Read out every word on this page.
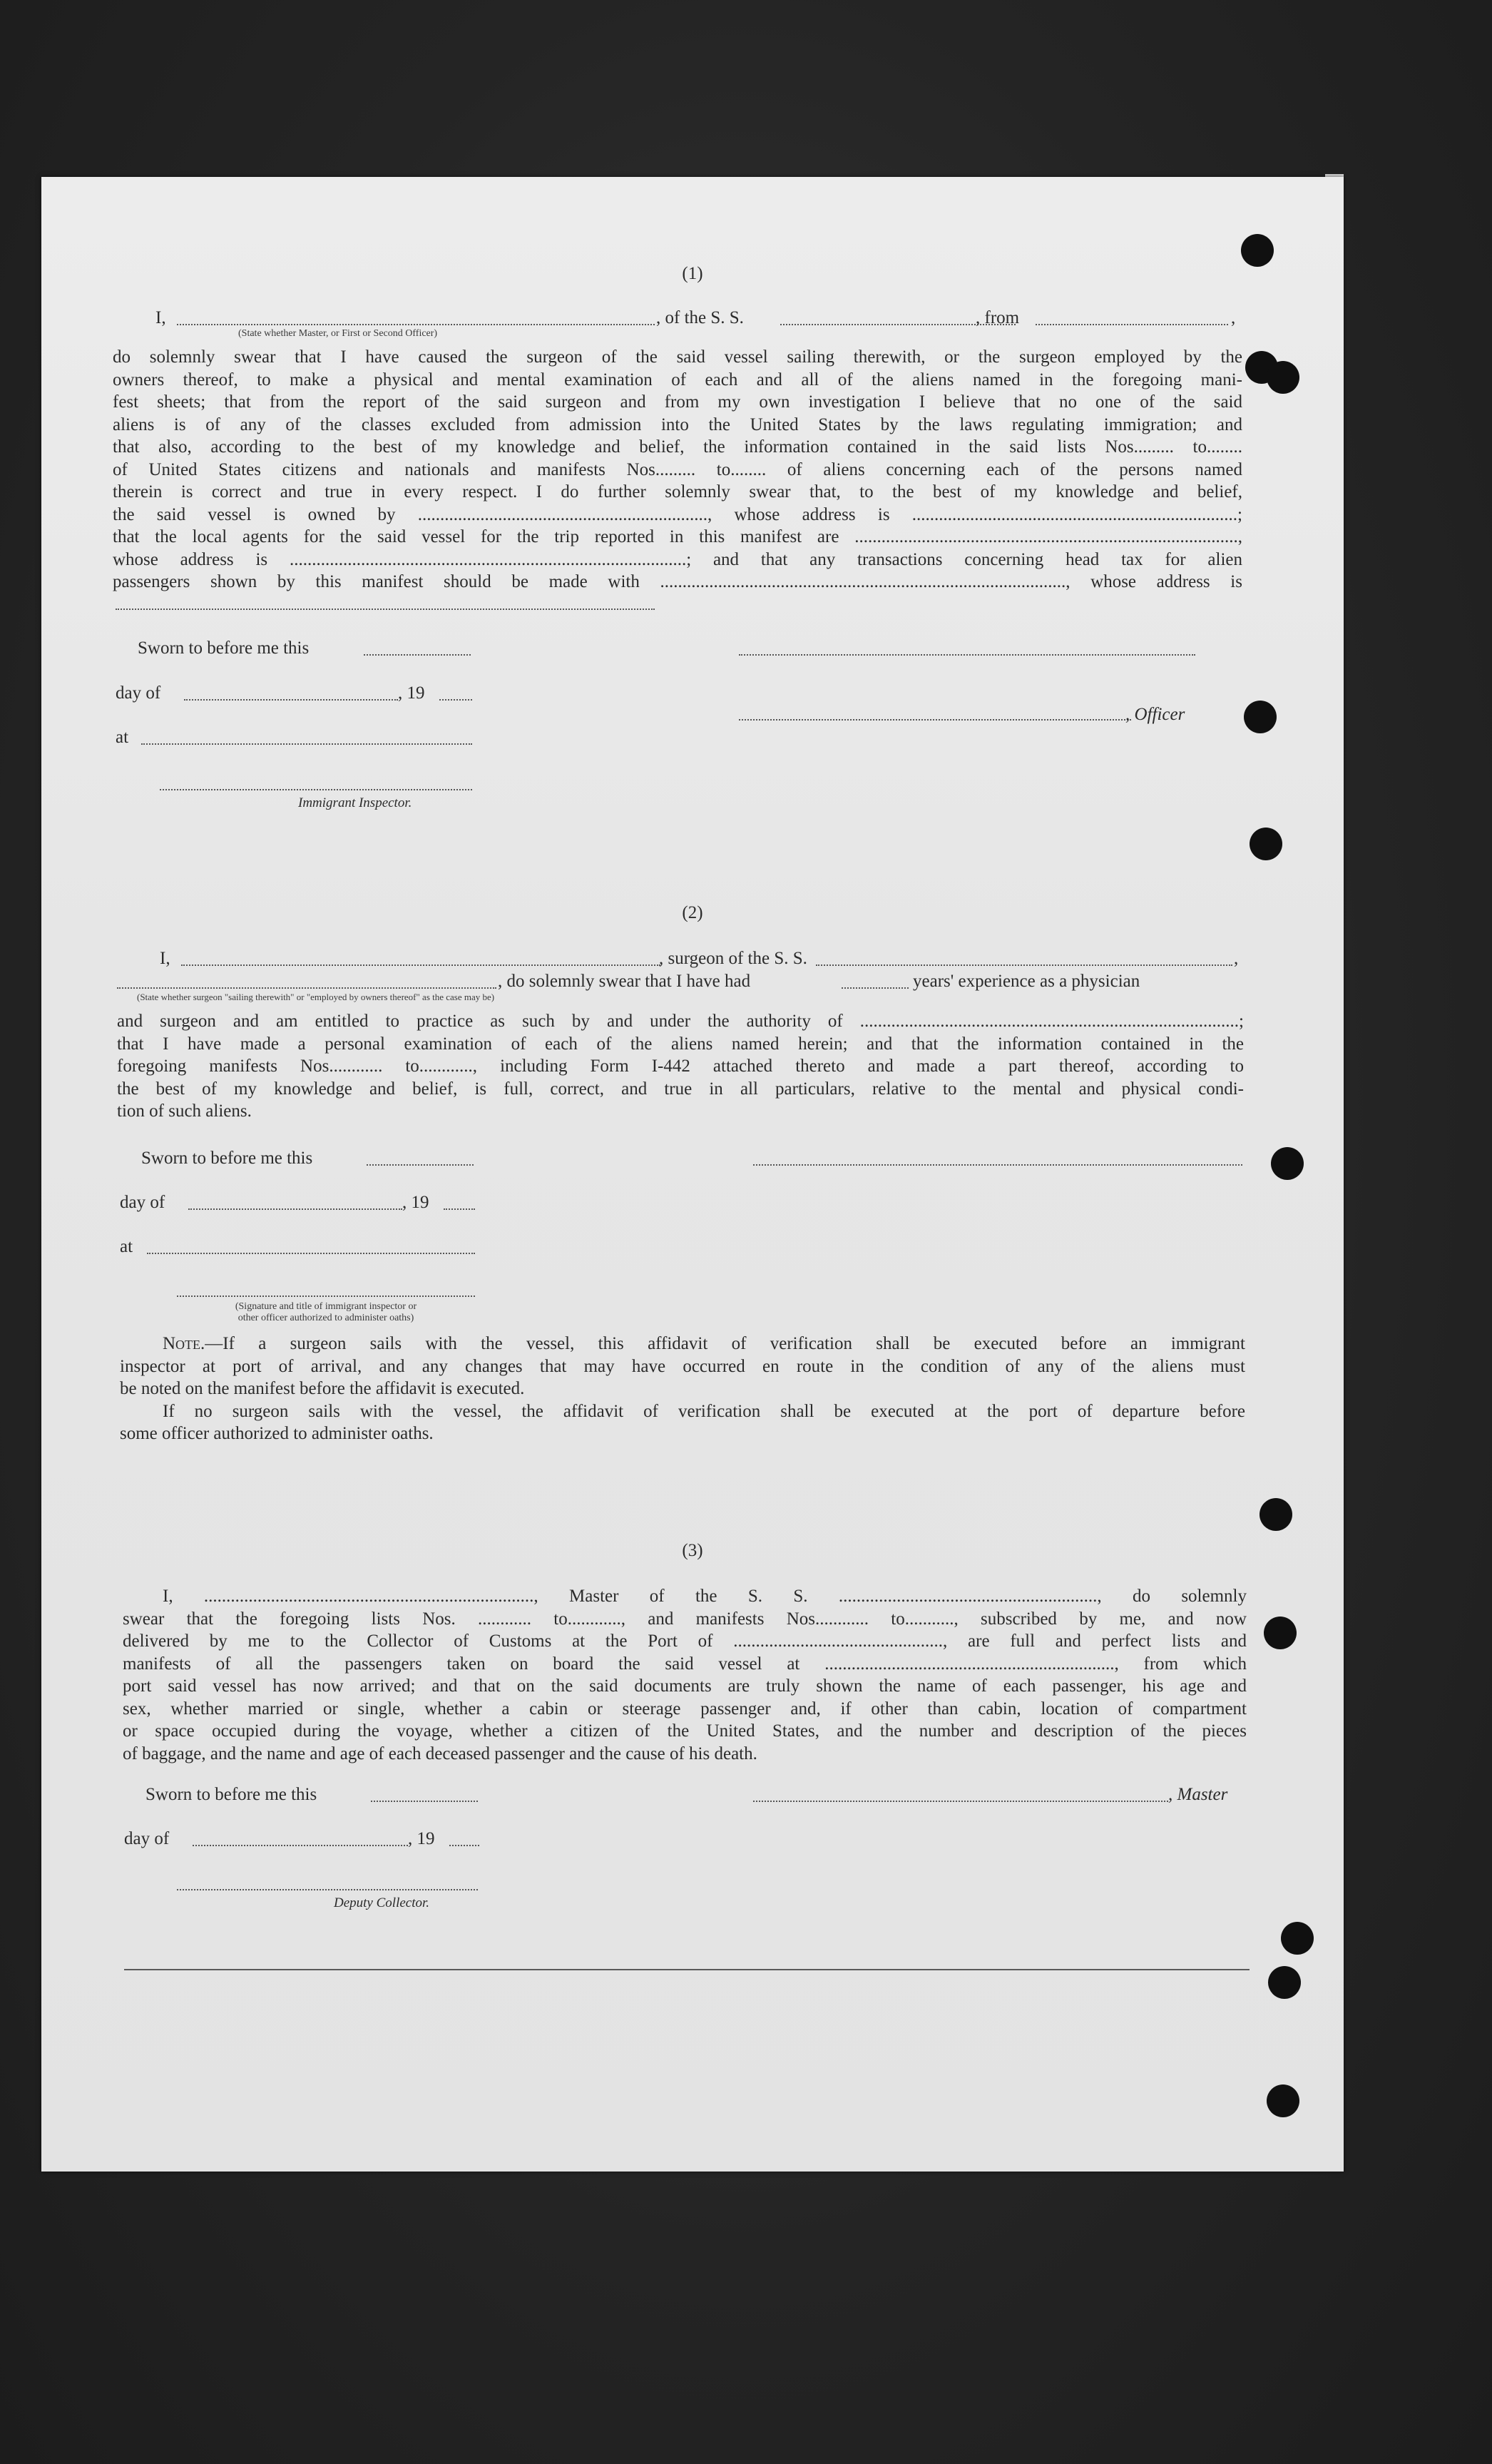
(1)
I,	, of the S. S.	, from	,
(State whether Master, or First or Second Officer)
do solemnly swear that I have caused the surgeon of the said vessel sailing therewith, or the surgeon employed by the
owners thereof, to make a physical and mental examination of each and all of the aliens named in the foregoing mani-
fest sheets; that from the report of the said surgeon and from my own investigation I believe that no one of the said
aliens is of any of the classes excluded from admission into the United States by the laws regulating immigration; and
that also, according to the best of my knowledge and belief, the information contained in the said lists Nos......... to........
of United States citizens and nationals and manifests Nos......... to........ of aliens concerning each of the persons named
therein is correct and true in every respect. I do further solemnly swear that, to the best of my knowledge and belief,
the said vessel is owned by ................................................................., whose address is .........................................................................;
that the local agents for the said vessel for the trip reported in this manifest are ......................................................................................,
whose address is .........................................................................................; and that any transactions concerning head tax for alien
passengers shown by this manifest should be made with ..........................................................................................., whose address is
Sworn to before me this
day of	, 19
, Officer
at
Immigrant Inspector.
(2)
I,	, surgeon of the S. S.	,
, do solemnly swear that I have had	years' experience as a physician
(State whether surgeon "sailing therewith" or "employed by owners thereof" as the case may be)
and surgeon and am entitled to practice as such by and under the authority of .....................................................................................;
that I have made a personal examination of each of the aliens named herein; and that the information contained in the
foregoing manifests Nos............ to............, including Form I-442 attached thereto and made a part thereof, according to
the best of my knowledge and belief, is full, correct, and true in all particulars, relative to the mental and physical condi-
tion of such aliens.
Sworn to before me this
day of	, 19
at
(Signature and title of immigrant inspector or
other officer authorized to administer oaths)
Note.—If a surgeon sails with the vessel, this affidavit of verification shall be executed before an immigrant
inspector at port of arrival, and any changes that may have occurred en route in the condition of any of the aliens must
be noted on the manifest before the affidavit is executed.
If no surgeon sails with the vessel, the affidavit of verification shall be executed at the port of departure before
some officer authorized to administer oaths.
(3)
I, .........................................................................., Master of the S. S. .........................................................., do solemnly
swear that the foregoing lists Nos. ............ to............, and manifests Nos............ to..........., subscribed by me, and now
delivered by me to the Collector of Customs at the Port of ..............................................., are full and perfect lists and
manifests of all the passengers taken on board the said vessel at ................................................................., from which
port said vessel has now arrived; and that on the said documents are truly shown the name of each passenger, his age and
sex, whether married or single, whether a cabin or steerage passenger and, if other than cabin, location of compartment
or space occupied during the voyage, whether a citizen of the United States, and the number and description of the pieces
of baggage, and the name and age of each deceased passenger and the cause of his death.
Sworn to before me this	, Master
day of	, 19
Deputy Collector.
